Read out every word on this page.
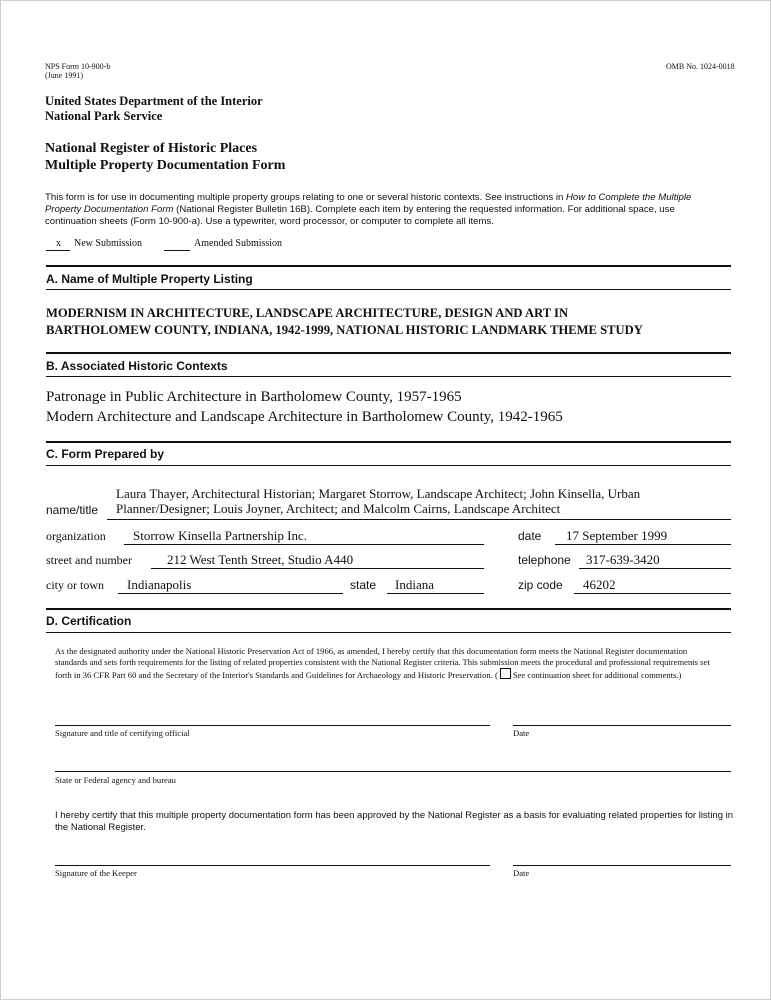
NPS Form 10-900-b
(June 1991)
OMB No. 1024-0018
United States Department of the Interior
National Park Service
National Register of Historic Places
Multiple Property Documentation Form
This form is for use in documenting multiple property groups relating to one or several historic contexts. See instructions in How to Complete the Multiple Property Documentation Form (National Register Bulletin 16B). Complete each item by entering the requested information. For additional space, use continuation sheets (Form 10-900-a). Use a typewriter, word processor, or computer to complete all items.
x New Submission	Amended Submission
A. Name of Multiple Property Listing
MODERNISM IN ARCHITECTURE, LANDSCAPE ARCHITECTURE, DESIGN AND ART IN
BARTHOLOMEW COUNTY, INDIANA, 1942-1999, NATIONAL HISTORIC LANDMARK THEME STUDY
B. Associated Historic Contexts
Patronage in Public Architecture in Bartholomew County, 1957-1965
Modern Architecture and Landscape Architecture in Bartholomew County, 1942-1965
C. Form Prepared by
name/title
Laura Thayer, Architectural Historian; Margaret Storrow, Landscape Architect; John Kinsella, Urban
Planner/Designer; Louis Joyner, Architect; and Malcolm Cairns, Landscape Architect
organization Storrow Kinsella Partnership Inc.	date 17 September 1999
street and number	212 West Tenth Street, Studio A440	telephone 317-639-3420
city or town Indianapolis	state Indiana	zip code 46202
D. Certification
As the designated authority under the National Historic Preservation Act of 1966, as amended, I hereby certify that this documentation form meets the National Register documentation standards and sets forth requirements for the listing of related properties consistent with the National Register criteria. This submission meets the procedural and professional requirements set forth in 36 CFR Part 60 and the Secretary of the Interior's Standards and Guidelines for Archaeology and Historic Preservation. ( See continuation sheet for additional comments.)
Signature and title of certifying official	Date
State or Federal agency and bureau
I hereby certify that this multiple property documentation form has been approved by the National Register as a basis for evaluating related properties for listing in the National Register.
Signature of the Keeper	Date
